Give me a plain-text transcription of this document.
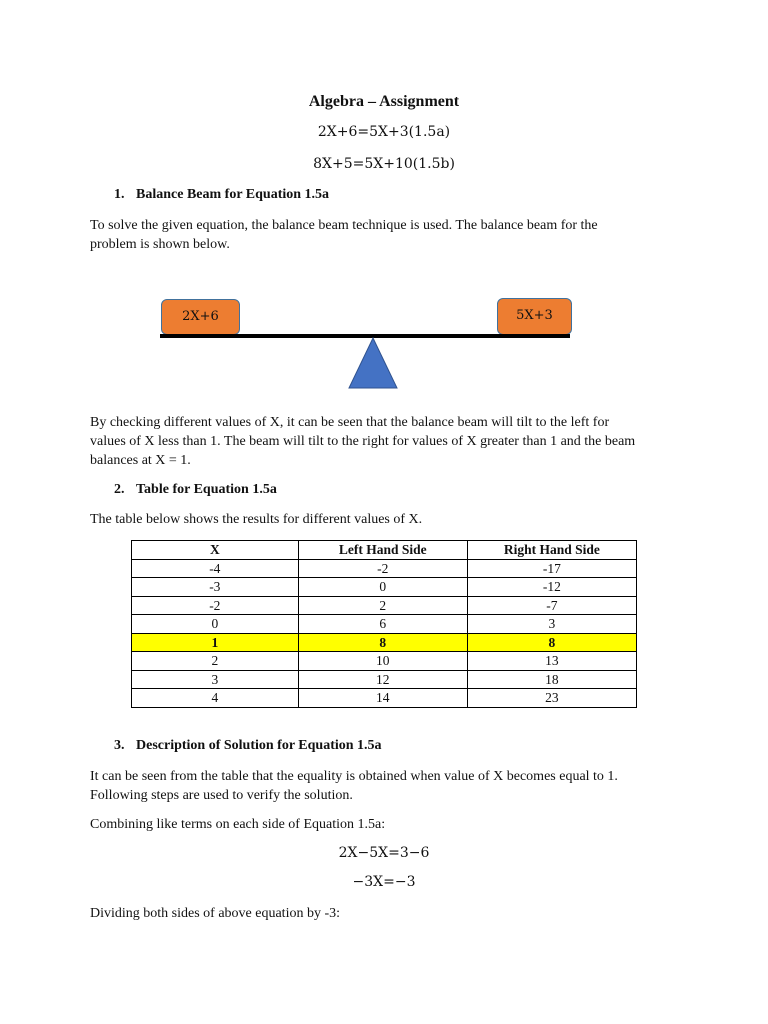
Algebra – Assignment
2X+6=5X+3(1.5a)
8X+5=5X+10(1.5b)
1. Balance Beam for Equation 1.5a
To solve the given equation, the balance beam technique is used. The balance beam for the
problem is shown below.
2X+6	5X+3
By checking different values of X, it can be seen that the balance beam will tilt to the left for
values of X less than 1. The beam will tilt to the right for values of X greater than 1 and the beam
balances at X = 1.
2. Table for Equation 1.5a
The table below shows the results for different values of X.
X	Left Hand Side	Right Hand Side
-4	-2	-17
-3	0	-12
-2	2	-7
0	6	3
1	8	8
2	10	13
3	12	18
4	14	23
3. Description of Solution for Equation 1.5a
It can be seen from the table that the equality is obtained when value of X becomes equal to 1.
Following steps are used to verify the solution.
Combining like terms on each side of Equation 1.5a:
2X−5X=3−6
−3X=−3
Dividing both sides of above equation by -3:
